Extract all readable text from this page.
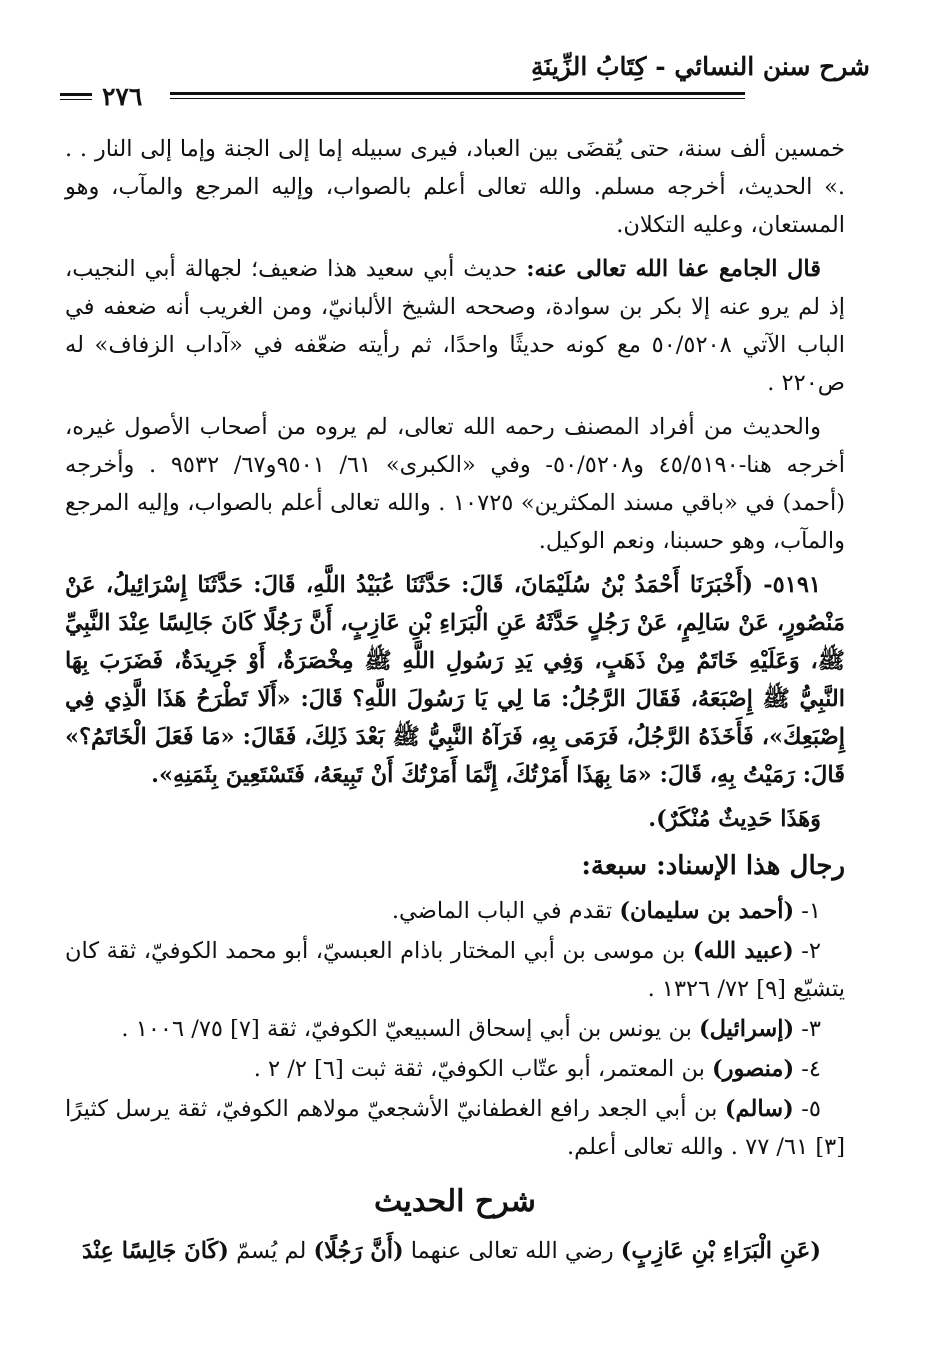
شرح سنن النسائي - كِتَابُ الزِّينَةِ
٢٧٦

خمسين ألف سنة، حتى يُقضَى بين العباد، فيرى سبيله إما إلى الجنة وإما إلى النار . . .» الحديث، أخرجه مسلم. والله تعالى أعلم بالصواب، وإليه المرجع والمآب، وهو المستعان، وعليه التكلان.

قال الجامع عفا الله تعالى عنه: حديث أبي سعيد هذا ضعيف؛ لجهالة أبي النجيب، إذ لم يرو عنه إلا بكر بن سوادة، وصححه الشيخ الألبانيّ، ومن الغريب أنه ضعفه في الباب الآتي ٥٠/٥٢٠٨ مع كونه حديثًا واحدًا، ثم رأيته ضعّفه في «آداب الزفاف» له ص٢٢٠ .

والحديث من أفراد المصنف رحمه الله تعالى، لم يروه من أصحاب الأصول غيره، أخرجه هنا-٤٥/٥١٩٠ و٥٠/٥٢٠٨- وفي «الكبرى» ٦١/ ٩٥٠١و٦٧/ ٩٥٣٢ . وأخرجه (أحمد) في «باقي مسند المكثرين» ١٠٧٢٥ . والله تعالى أعلم بالصواب، وإليه المرجع والمآب، وهو حسبنا، ونعم الوكيل.

٥١٩١- (أَخْبَرَنَا أَحْمَدُ بْنُ سُلَيْمَانَ، قَالَ: حَدَّثَنَا عُبَيْدُ اللَّهِ، قَالَ: حَدَّثَنَا إِسْرَائِيلُ، عَنْ مَنْصُورٍ، عَنْ سَالِمٍ، عَنْ رَجُلٍ حَدَّثَهُ عَنِ الْبَرَاءِ بْنِ عَازِبٍ، أَنَّ رَجُلًا كَانَ جَالِسًا عِنْدَ النَّبِيِّ ﷺ، وَعَلَيْهِ خَاتَمٌ مِنْ ذَهَبٍ، وَفِي يَدِ رَسُولِ اللَّهِ ﷺ مِخْصَرَةٌ، أَوْ جَرِيدَةٌ، فَضَرَبَ بِهَا النَّبِيُّ ﷺ إِصْبَعَهُ، فَقَالَ الرَّجُلُ: مَا لِي يَا رَسُولَ اللَّهِ؟ قَالَ: «أَلَا تَطْرَحُ هَذَا الَّذِي فِي إِصْبَعِكَ»، فَأَخَذَهُ الرَّجُلُ، فَرَمَى بِهِ، فَرَآهُ النَّبِيُّ ﷺ بَعْدَ ذَلِكَ، فَقَالَ: «مَا فَعَلَ الْخَاتَمُ؟» قَالَ: رَمَيْتُ بِهِ، قَالَ: «مَا بِهَذَا أَمَرْتُكَ، إِنَّمَا أَمَرْتُكَ أَنْ تَبِيعَهُ، فَتَسْتَعِينَ بِثَمَنِهِ».

وَهَذَا حَدِيثٌ مُنْكَرٌ).

رجال هذا الإسناد: سبعة:

١- (أحمد بن سليمان) تقدم في الباب الماضي.

٢- (عبيد الله) بن موسى بن أبي المختار باذام العبسيّ، أبو محمد الكوفيّ، ثقة كان يتشيّع [٩] ٧٢/ ١٣٢٦ .

٣- (إسرائيل) بن يونس بن أبي إسحاق السبيعيّ الكوفيّ، ثقة [٧] ٧٥/ ١٠٠٦ .

٤- (منصور) بن المعتمر، أبو عتّاب الكوفيّ، ثقة ثبت [٦] ٢/ ٢ .

٥- (سالم) بن أبي الجعد رافع الغطفانيّ الأشجعيّ مولاهم الكوفيّ، ثقة يرسل كثيرًا [٣] ٦١/ ٧٧ . والله تعالى أعلم.

شرح الحديث

(عَنِ الْبَرَاءِ بْنِ عَازِبٍ) رضي الله تعالى عنهما (أَنَّ رَجُلًا) لم يُسمّ (كَانَ جَالِسًا عِنْدَ
